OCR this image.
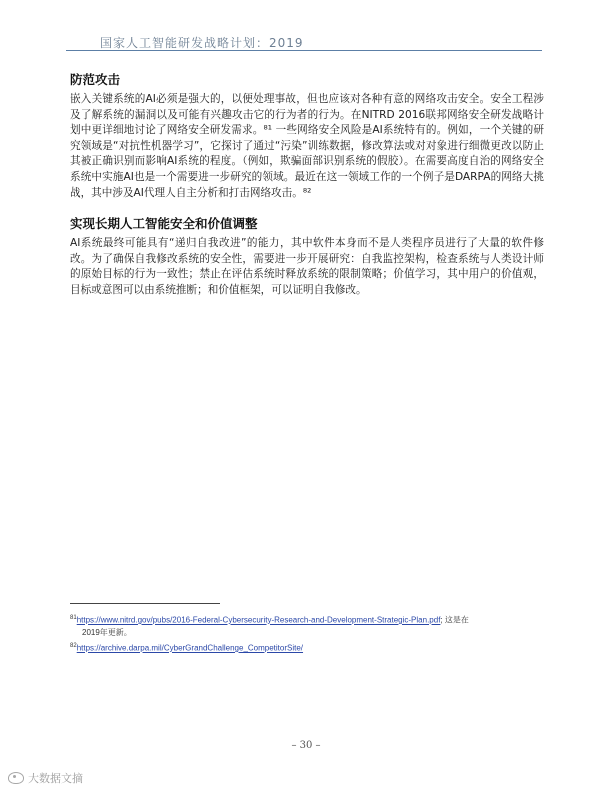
国家人工智能研发战略计划：2019
防范攻击

嵌入关键系统的AI必须是强大的，以便处理事故，但也应该对各种有意的网络攻击安全。安全工程涉及了解系统的漏洞以及可能有兴趣攻击它的行为者的行为。在NITRD 2016联邦网络安全研发战略计划中更详细地讨论了网络安全研发需求。⁸¹ 一些网络安全风险是AI系统特有的。例如，一个关键的研究领域是“对抗性机器学习”，它探讨了通过“污染”训练数据，修改算法或对对象进行细微更改以防止其被正确识别而影响AI系统的程度。（例如，欺骗面部识别系统的假胶）。在需要高度自治的网络安全系统中实施AI也是一个需要进一步研究的领域。最近在这一领域工作的一个例子是DARPA的网络大挑战，其中涉及AI代理人自主分析和打击网络攻击。⁸²

实现长期人工智能安全和价值调整

AI系统最终可能具有“递归自我改进”的能力，其中软件本身而不是人类程序员进行了大量的软件修改。为了确保自我修改系统的安全性，需要进一步开展研究：自我监控架构，检查系统与人类设计师的原始目标的行为一致性；禁止在评估系统时释放系统的限制策略；价值学习，其中用户的价值观，目标或意图可以由系统推断；和价值框架，可以证明自我修改。

$^{81}$https://www.nitrd.gov/pubs/2016-Federal-Cybersecurity-Research-and-Development-Strategic-Plan.pdf; 这是在
2019年更新。
$^{82}$https://archive.darpa.mil/CyberGrandChallenge_CompetitorSite/
– 30 –
大数据文摘
